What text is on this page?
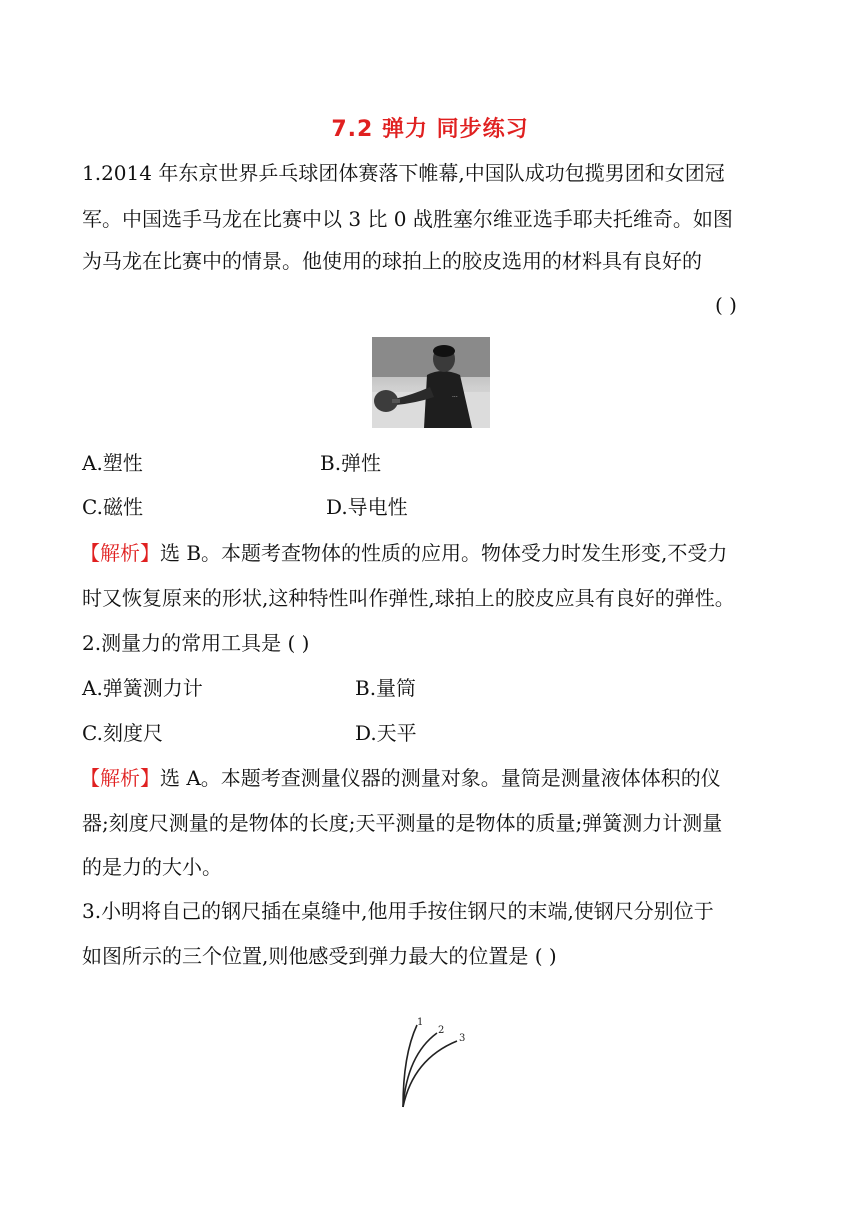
7.2 弹力 同步练习
1.2014 年东京世界乒乓球团体赛落下帷幕,中国队成功包揽男团和女团冠
军。中国选手马龙在比赛中以 3 比 0 战胜塞尔维亚选手耶夫托维奇。如图
为马龙在比赛中的情景。他使用的球拍上的胶皮选用的材料具有良好的
( )
···
A.塑性	B.弹性
C.磁性	D.导电性
【解析】选 B。本题考查物体的性质的应用。物体受力时发生形变,不受力
时又恢复原来的形状,这种特性叫作弹性,球拍上的胶皮应具有良好的弹性。
2.测量力的常用工具是 ( )
A.弹簧测力计	B.量筒
C.刻度尺	D.天平
【解析】选 A。本题考查测量仪器的测量对象。量筒是测量液体体积的仪
器;刻度尺测量的是物体的长度;天平测量的是物体的质量;弹簧测力计测量
的是力的大小。
3.小明将自己的钢尺插在桌缝中,他用手按住钢尺的末端,使钢尺分别位于
如图所示的三个位置,则他感受到弹力最大的位置是 ( )
1
2
3
